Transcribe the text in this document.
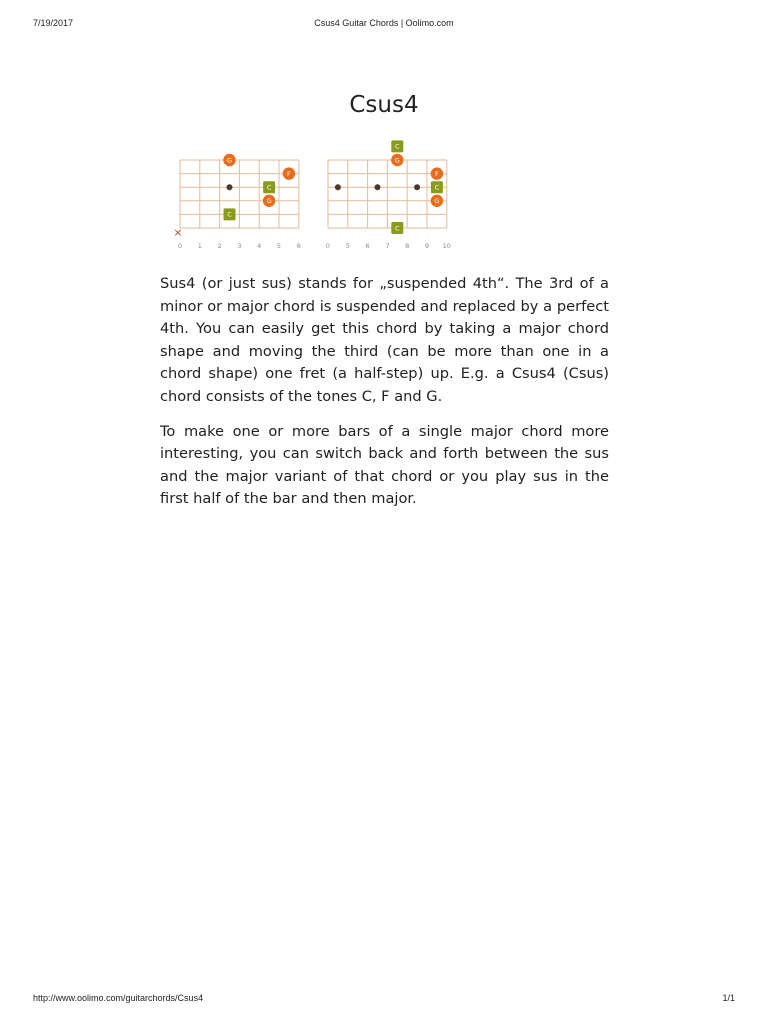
7/19/2017	Csus4 Guitar Chords | Oolimo.com
Csus4
0 1 2 3 4 5 6
×
G
F
C
G
C
0 5 6 7 8 9 10
C
G
F
C
G
C

Sus4 (or just sus) stands for „suspended 4th“. The 3rd of a minor or major chord is suspended and replaced by a perfect 4th. You can easily get this chord by taking a major chord shape and moving the third (can be more than one in a chord shape) one fret (a half-step) up. E.g. a Csus4 (Csus) chord consists of the tones C, F and G.

To make one or more bars of a single major chord more interesting, you can switch back and forth between the sus and the major variant of that chord or you play sus in the first half of the bar and then major.

http://www.oolimo.com/guitarchords/Csus4	1/1
